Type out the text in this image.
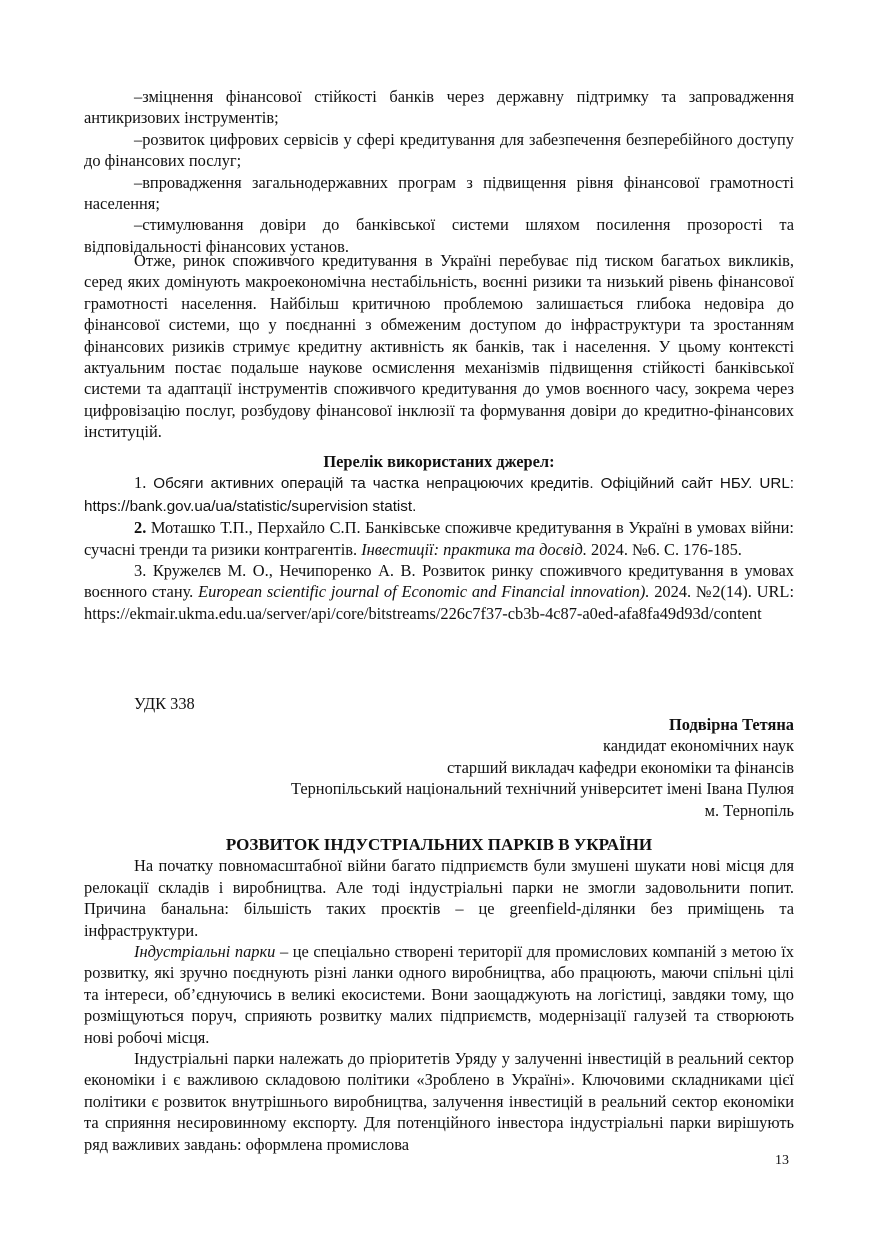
–зміцнення фінансової стійкості банків через державну підтримку та запровадження антикризових інструментів;

–розвиток цифрових сервісів у сфері кредитування для забезпечення безперебійного доступу до фінансових послуг;

–впровадження загальнодержавних програм з підвищення рівня фінансової грамотності населення;

–стимулювання довіри до банківської системи шляхом посилення прозорості та відповідальності фінансових установ.

Отже, ринок споживчого кредитування в Україні перебуває під тиском багатьох викликів, серед яких домінують макроекономічна нестабільність, воєнні ризики та низький рівень фінансової грамотності населення. Найбільш критичною проблемою залишається глибока недовіра до фінансової системи, що у поєднанні з обмеженим доступом до інфраструктури та зростанням фінансових ризиків стримує кредитну активність як банків, так і населення. У цьому контексті актуальним постає подальше наукове осмислення механізмів підвищення стійкості банківської системи та адаптації інструментів споживчого кредитування до умов воєнного часу, зокрема через цифровізацію послуг, розбудову фінансової інклюзії та формування довіри до кредитно-фінансових інституцій.

Перелік використаних джерел:

1. Обсяги активних операцій та частка непрацюючих кредитів. Офіційний сайт НБУ. URL: https://bank.gov.ua/ua/statistic/supervision statist.

2. Моташко Т.П., Перхайло С.П. Банківське споживче кредитування в Україні в умовах війни: сучасні тренди та ризики контрагентів. Інвестиції: практика та досвід. 2024. №6. С. 176-185.

3. Кружелєв М. О., Нечипоренко А. В. Розвиток ринку споживчого кредитування в умовах воєнного стану. European scientific journal of Economic and Financial innovation). 2024. №2(14). URL: https://ekmair.ukma.edu.ua/server/api/core/bitstreams/226c7f37-cb3b-4c87-a0ed-afa8fa49d93d/content

УДК 338

Подвірна Тетяна

кандидат економічних наук

старший викладач кафедри економіки та фінансів

Тернопільський національний технічний університет імені Івана Пулюя

м. Тернопіль

РОЗВИТОК ІНДУСТРІАЛЬНИХ ПАРКІВ В УКРАЇНИ

На початку повномасштабної війни багато підприємств були змушені шукати нові місця для релокації складів і виробництва. Але тоді індустріальні парки не змогли задовольнити попит. Причина банальна: більшість таких проєктів – це greenfield-ділянки без приміщень та інфраструктури.

Індустріальні парки – це спеціально створені території для промислових компаній з метою їх розвитку, які зручно поєднують різні ланки одного виробництва, або працюють, маючи спільні цілі та інтереси, об’єднуючись в великі екосистеми. Вони заощаджують на логістиці, завдяки тому, що розміщуються поруч, сприяють розвитку малих підприємств, модернізації галузей та створюють нові робочі місця.

Індустріальні парки належать до пріоритетів Уряду у залученні інвестицій в реальний сектор економіки і є важливою складовою політики «Зроблено в Україні». Ключовими складниками цієї політики є розвиток внутрішнього виробництва, залучення інвестицій в реальний сектор економіки та сприяння несировинному експорту. Для потенційного інвестора індустріальні парки вирішують ряд важливих завдань: оформлена промислова

13
